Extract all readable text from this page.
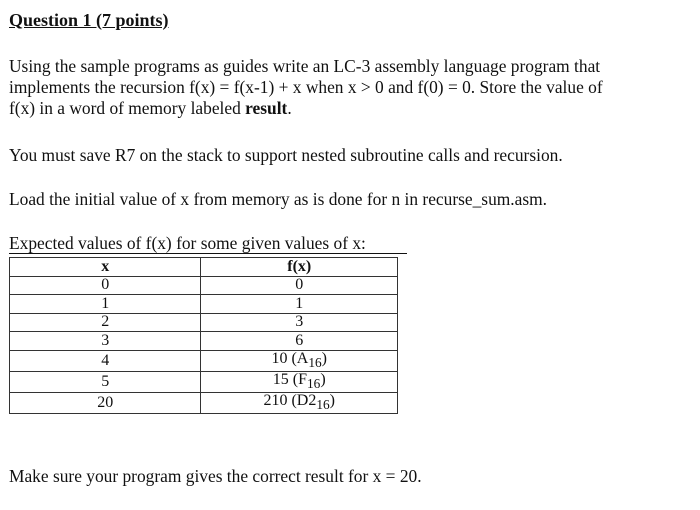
Question 1 (7 points)
Using the sample programs as guides write an LC-3 assembly language program that
implements the recursion f(x) = f(x-1) + x when x > 0 and f(0) = 0. Store the value of
f(x) in a word of memory labeled result.
You must save R7 on the stack to support nested subroutine calls and recursion.
Load the initial value of x from memory as is done for n in recurse_sum.asm.
Expected values of f(x) for some given values of x:
x	f(x)
0	0
1	1
2	3
3	6
4	10 $(A_{16})$
5	15 $(F_{16})$
20	210 $(D2_{16})$
Make sure your program gives the correct result for x = 20.
